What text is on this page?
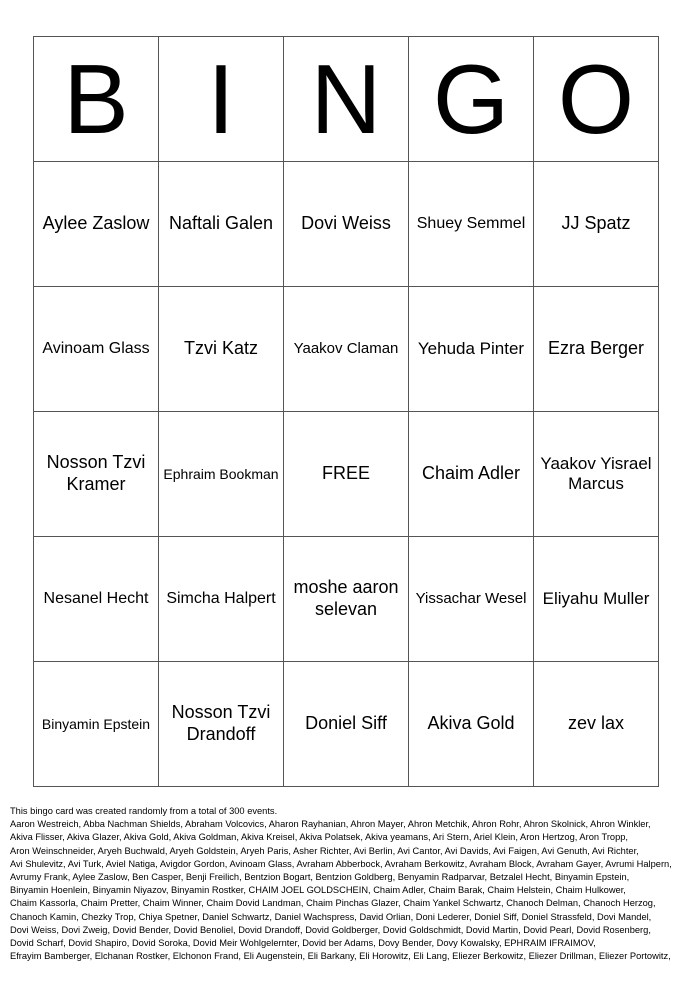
B	I	N	G	O
Aylee Zaslow	Naftali Galen	Dovi Weiss	Shuey Semmel	JJ Spatz
Avinoam Glass	Tzvi Katz	Yaakov Claman	Yehuda Pinter	Ezra Berger
Nosson Tzvi Kramer	Ephraim Bookman	FREE	Chaim Adler	Yaakov Yisrael Marcus
Nesanel Hecht	Simcha Halpert	moshe aaron selevan	Yissachar Wesel	Eliyahu Muller
Binyamin Epstein	Nosson Tzvi Drandoff	Doniel Siff	Akiva Gold	zev lax

This bingo card was created randomly from a total of 300 events.

Aaron Westreich, Abba Nachman Shields, Abraham Volcovics, Aharon Rayhanian, Ahron Mayer, Ahron Metchik, Ahron Rohr, Ahron Skolnick, Ahron Winkler,

Akiva Flisser, Akiva Glazer, Akiva Gold, Akiva Goldman, Akiva Kreisel, Akiva Polatsek, Akiva yeamans, Ari Stern, Ariel Klein, Aron Hertzog, Aron Tropp,

Aron Weinschneider, Aryeh Buchwald, Aryeh Goldstein, Aryeh Paris, Asher Richter, Avi Berlin, Avi Cantor, Avi Davids, Avi Faigen, Avi Genuth, Avi Richter,

Avi Shulevitz, Avi Turk, Aviel Natiga, Avigdor Gordon, Avinoam Glass, Avraham Abberbock, Avraham Berkowitz, Avraham Block, Avraham Gayer, Avrumi Halpern,

Avrumy Frank, Aylee Zaslow, Ben Casper, Benji Freilich, Bentzion Bogart, Bentzion Goldberg, Benyamin Radparvar, Betzalel Hecht, Binyamin Epstein,

Binyamin Hoenlein, Binyamin Niyazov, Binyamin Rostker, CHAIM JOEL GOLDSCHEIN, Chaim Adler, Chaim Barak, Chaim Helstein, Chaim Hulkower,

Chaim Kassorla, Chaim Pretter, Chaim Winner, Chaim Dovid Landman, Chaim Pinchas Glazer, Chaim Yankel Schwartz, Chanoch Delman, Chanoch Herzog,

Chanoch Kamin, Chezky Trop, Chiya Spetner, Daniel Schwartz, Daniel Wachspress, David Orlian, Doni Lederer, Doniel Siff, Doniel Strassfeld, Dovi Mandel,

Dovi Weiss, Dovi Zweig, Dovid Bender, Dovid Benoliel, Dovid Drandoff, Dovid Goldberger, Dovid Goldschmidt, Dovid Martin, Dovid Pearl, Dovid Rosenberg,

Dovid Scharf, Dovid Shapiro, Dovid Soroka, Dovid Meir Wohlgelernter, Dovid ber Adams, Dovy Bender, Dovy Kowalsky, EPHRAIM IFRAIMOV,

Efrayim Bamberger, Elchanan Rostker, Elchonon Frand, Eli Augenstein, Eli Barkany, Eli Horowitz, Eli Lang, Eliezer Berkowitz, Eliezer Drillman, Eliezer Portowitz,
